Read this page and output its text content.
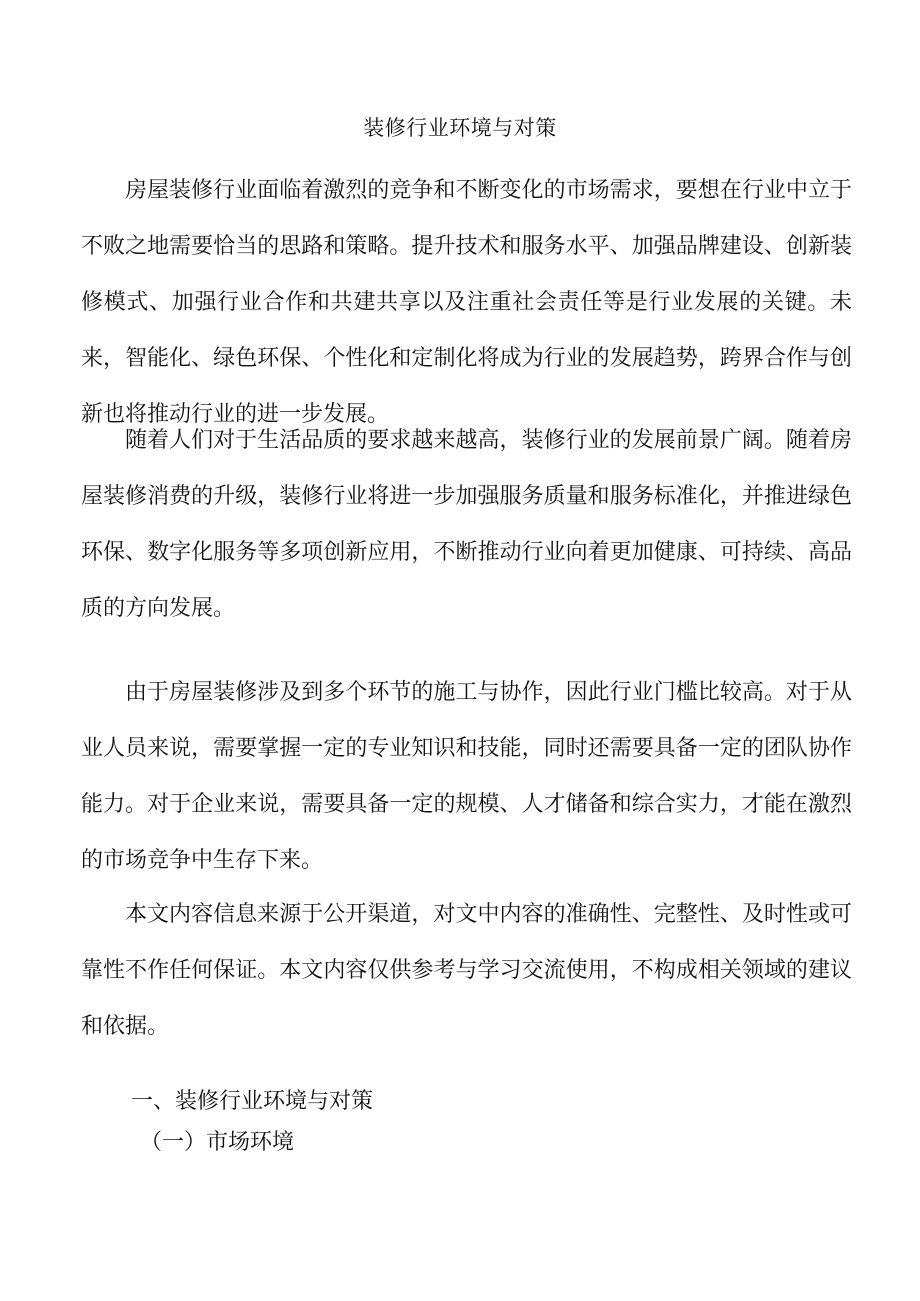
装修行业环境与对策

房屋装修行业面临着激烈的竞争和不断变化的市场需求，要想在行业中立于不败之地需要恰当的思路和策略。提升技术和服务水平、加强品牌建设、创新装修模式、加强行业合作和共建共享以及注重社会责任等是行业发展的关键。未来，智能化、绿色环保、个性化和定制化将成为行业的发展趋势，跨界合作与创新也将推动行业的进一步发展。

随着人们对于生活品质的要求越来越高，装修行业的发展前景广阔。随着房屋装修消费的升级，装修行业将进一步加强服务质量和服务标准化，并推进绿色环保、数字化服务等多项创新应用，不断推动行业向着更加健康、可持续、高品质的方向发展。

由于房屋装修涉及到多个环节的施工与协作，因此行业门槛比较高。对于从业人员来说，需要掌握一定的专业知识和技能，同时还需要具备一定的团队协作能力。对于企业来说，需要具备一定的规模、人才储备和综合实力，才能在激烈的市场竞争中生存下来。

本文内容信息来源于公开渠道，对文中内容的准确性、完整性、及时性或可靠性不作任何保证。本文内容仅供参考与学习交流使用，不构成相关领域的建议和依据。

一、装修行业环境与对策
（一）市场环境
